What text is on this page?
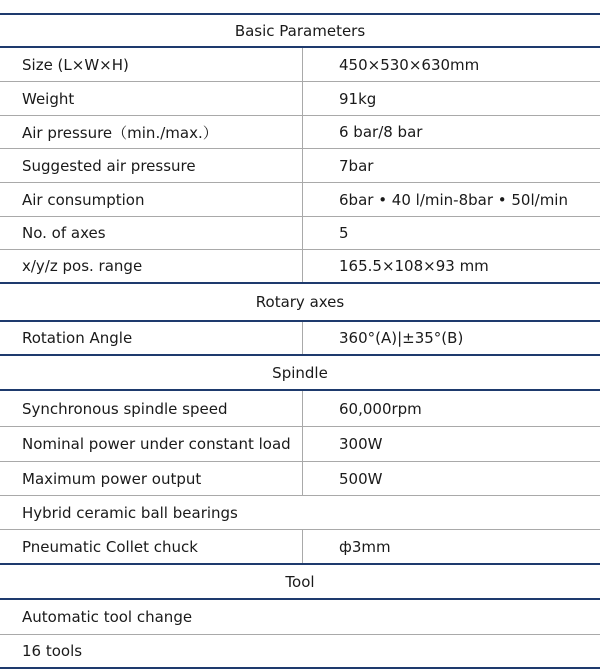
Basic Parameters
Size (L×W×H)	450×530×630mm
Weight	91kg
Air pressure（min./max.）	6 bar/8 bar
Suggested air pressure	7bar
Air consumption	6bar • 40 l/min-8bar • 50l/min
No. of axes	5
x/y/z pos. range	165.5×108×93 mm
Rotary axes
Rotation Angle	360°(A)|±35°(B)
Spindle
Synchronous spindle speed	60,000rpm
Nominal power under constant load	300W
Maximum power output	500W
Hybrid ceramic ball bearings
Pneumatic Collet chuck	ф3mm
Tool
Automatic tool change
16 tools
